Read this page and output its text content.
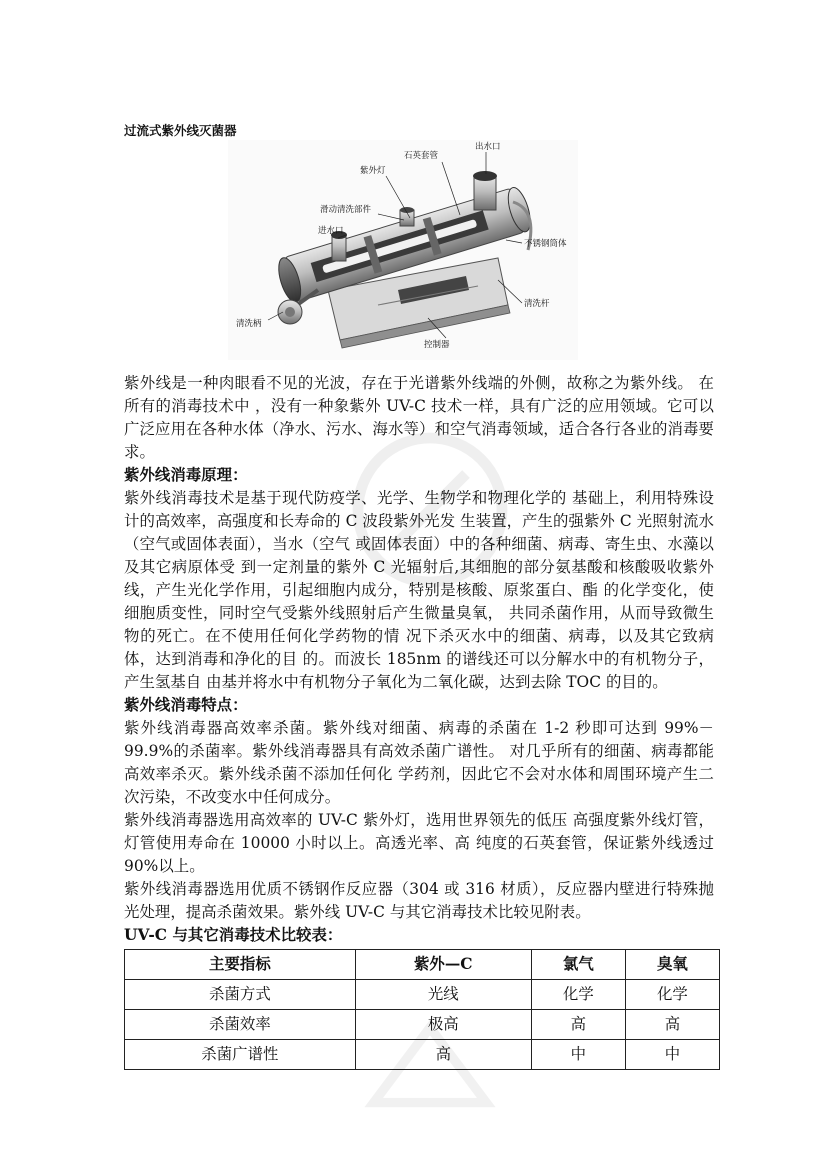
过流式紫外线灭菌器
石英套管
出水口
紫外灯
滑动清洗部件
进水口
不锈钢筒体
清洗杆
清洗柄
控制器

紫外线是一种肉眼看不见的光波，存在于光谱紫外线端的外侧，故称之为紫外线。 在所有的消毒技术中 ，没有一种象紫外 UV-C 技术一样，具有广泛的应用领域。它可以广泛应用在各种水体（净水、污水、海水等）和空气消毒领域，适合各行各业的消毒要求。

紫外线消毒原理：

紫外线消毒技术是基于现代防疫学、光学、生物学和物理化学的 基础上，利用特殊设计的高效率，高强度和长寿命的 C 波段紫外光发 生装置，产生的强紫外 C 光照射流水（空气或固体表面），当水（空气 或固体表面）中的各种细菌、病毒、寄生虫、水藻以及其它病原体受 到一定剂量的紫外 C 光辐射后,其细胞的部分氨基酸和核酸吸收紫外 线，产生光化学作用，引起细胞内成分，特别是核酸、原浆蛋白、酯 的化学变化，使细胞质变性，同时空气受紫外线照射后产生微量臭氧， 共同杀菌作用，从而导致微生物的死亡。在不使用任何化学药物的情 况下杀灭水中的细菌、病毒，以及其它致病体，达到消毒和净化的目 的。而波长 185nm 的谱线还可以分解水中的有机物分子，产生氢基自 由基并将水中有机物分子氧化为二氧化碳，达到去除 TOC 的目的。

紫外线消毒特点：

紫外线消毒器高效率杀菌。紫外线对细菌、病毒的杀菌在 1-2 秒即可达到 99%－99.9%的杀菌率。紫外线消毒器具有高效杀菌广谱性。 对几乎所有的细菌、病毒都能高效率杀灭。紫外线杀菌不添加任何化 学药剂，因此它不会对水体和周围环境产生二次污染，不改变水中任何成分。

紫外线消毒器选用高效率的 UV-C 紫外灯，选用世界领先的低压 高强度紫外线灯管，灯管使用寿命在 10000 小时以上。高透光率、高 纯度的石英套管，保证紫外线透过 90%以上。

紫外线消毒器选用优质不锈钢作反应器（304 或 316 材质），反应器内壁进行特殊抛光处理，提高杀菌效果。紫外线 UV-C 与其它消毒技术比较见附表。

UV-C 与其它消毒技术比较表：
主要指标	紫外—C	氯气	臭氧
杀菌方式	光线	化学	化学
杀菌效率	极高	高	高
杀菌广谱性	高	中	中
